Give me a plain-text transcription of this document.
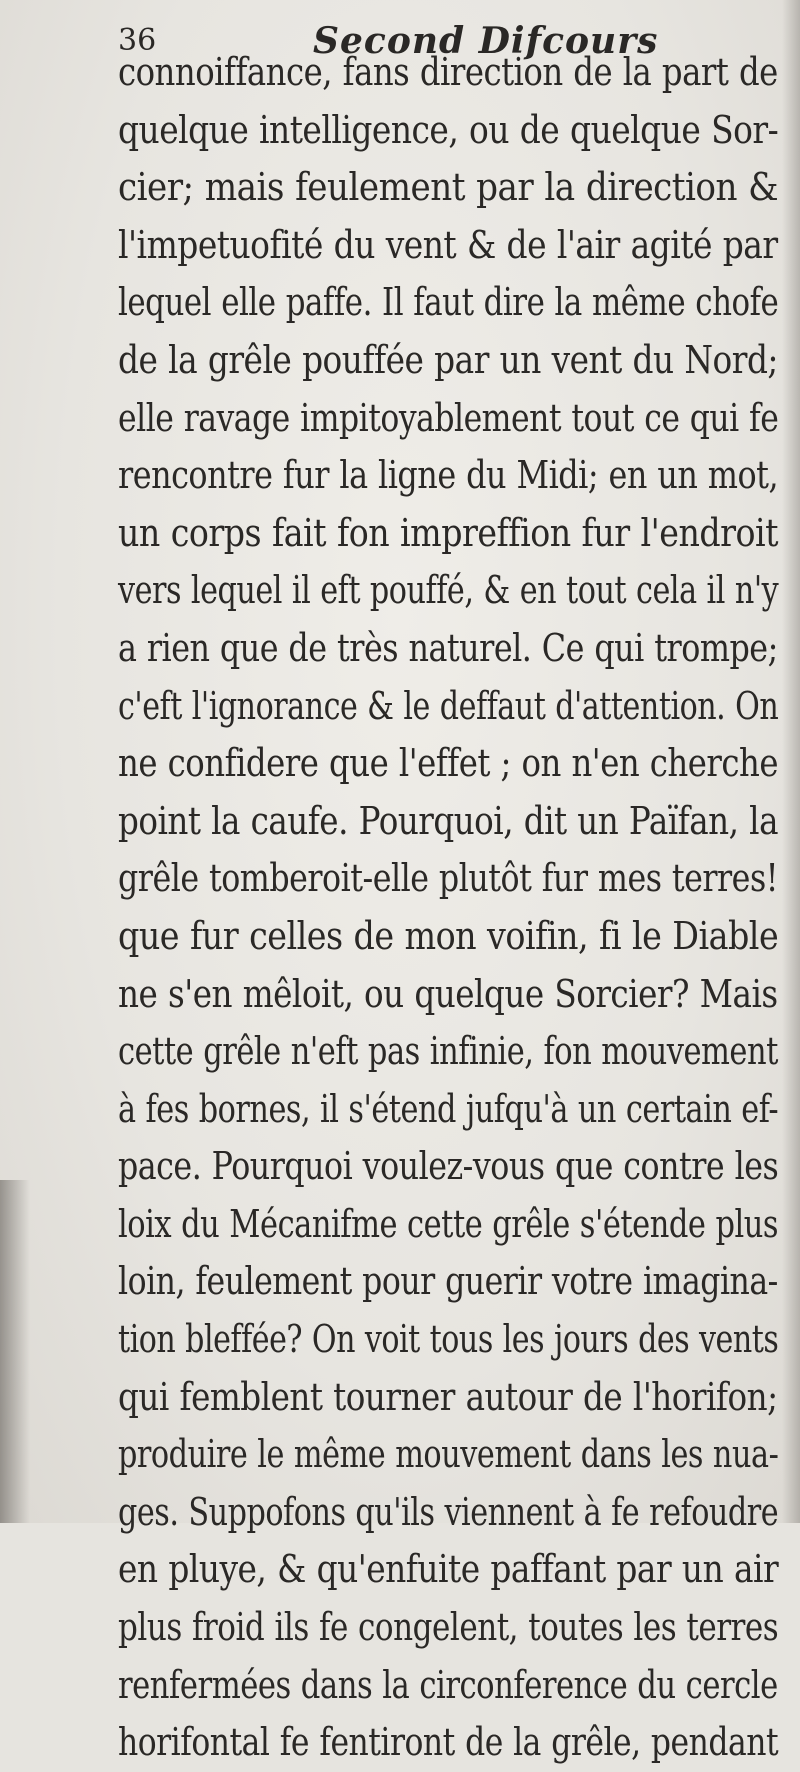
36	Second Difcours
connoiffance, fans direction de la part de
quelque intelligence, ou de quelque Sor-
cier; mais feulement par la direction &
l'impetuofité du vent & de l'air agité par
lequel elle paffe. Il faut dire la même chofe
de la grêle pouffée par un vent du Nord;
elle ravage impitoyablement tout ce qui fe
rencontre fur la ligne du Midi; en un mot,
un corps fait fon impreffion fur l'endroit
vers lequel il eft pouffé, & en tout cela il n'y
a rien que de très naturel. Ce qui trompe;
c'eft l'ignorance & le deffaut d'attention. On
ne confidere que l'effet ; on n'en cherche
point la caufe. Pourquoi, dit un Païfan, la
grêle tomberoit-elle plutôt fur mes terres!
que fur celles de mon voifin, fi le Diable
ne s'en mêloit, ou quelque Sorcier? Mais
cette grêle n'eft pas infinie, fon mouvement
à fes bornes, il s'étend jufqu'à un certain ef-
pace. Pourquoi voulez-vous que contre les
loix du Mécanifme cette grêle s'étende plus
loin, feulement pour guerir votre imagina-
tion bleffée? On voit tous les jours des vents
qui femblent tourner autour de l'horifon;
produire le même mouvement dans les nua-
ges. Suppofons qu'ils viennent à fe refoudre
en pluye, & qu'enfuite paffant par un air
plus froid ils fe congelent, toutes les terres
renfermées dans la circonference du cercle
horifontal fe fentiront de la grêle, pendant
